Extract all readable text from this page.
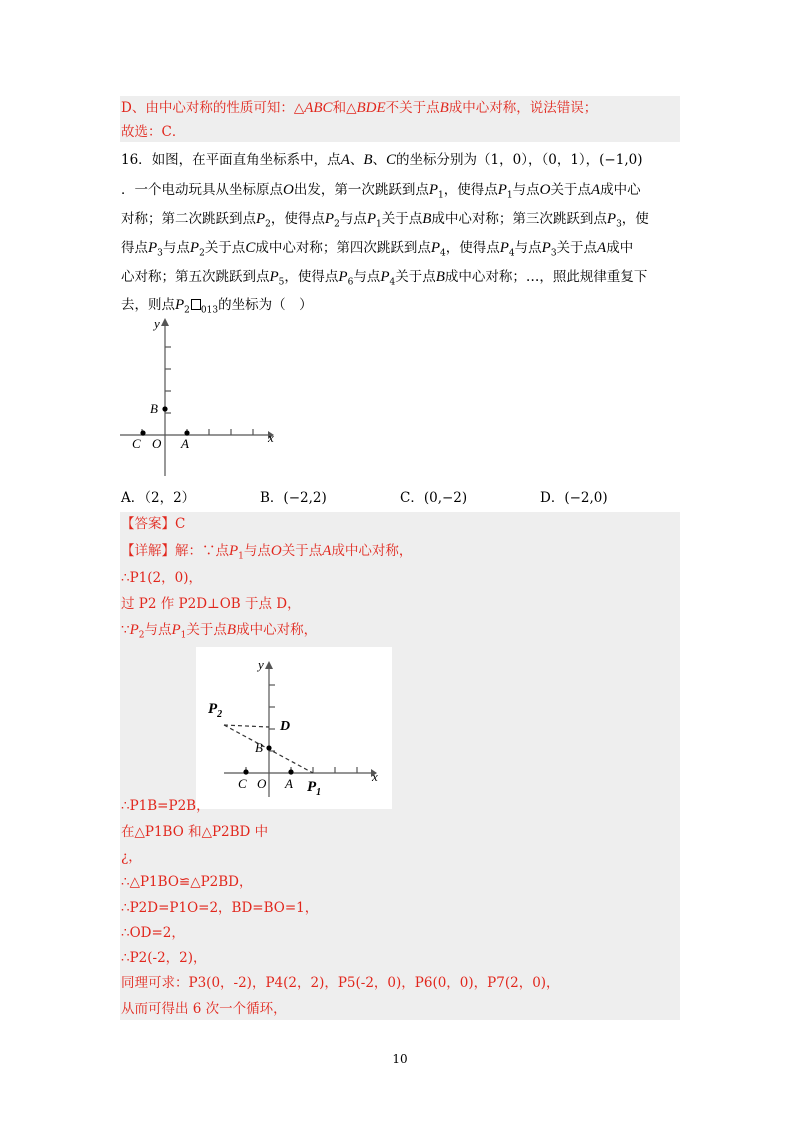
D、由中心对称的性质可知：△ABC和△BDE不关于点B成中心对称，说法错误；
故选：C．
16．如图，在平面直角坐标系中，点A、B、C的坐标分别为（1，0），（0，1），(−1,0)
．一个电动玩具从坐标原点O出发，第一次跳跃到点$P_1$，使得点$P_1$与点O关于点A成中心
对称；第二次跳跃到点$P_2$，使得点$P_2$与点$P_1$关于点B成中心对称；第三次跳跃到点$P_3$，使
得点$P_3$与点$P_2$关于点C成中心对称；第四次跳跃到点$P_4$，使得点$P_4$与点$P_3$关于点A成中
心对称；第五次跳跃到点$P_5$，使得点$P_6$与点$P_4$关于点B成中心对称；…，照此规律重复下
去，则点$P_2$ $_{013}$的坐标为（　）
y
x
B
C O A
A．（2，2）	B．(−2,2)	C．(0,−2)	D．(−2,0)
【答案】C
【详解】解：∵点$P_1$与点O关于点A成中心对称，
∴P1(2，0)，
过 P2 作 P2D⊥OB 于点 D，
$\because P_2$与点$P_1$关于点B成中心对称，
y
x
$P_2$
D
B
C O A $P_1$
∴P1B=P2B，
在△P1BO 和△P2BD 中
¿，
∴△P1BO≌△P2BD，
∴P2D=P1O=2，BD=BO=1，
∴OD=2，
∴P2(-2，2)，
同理可求：P3(0，-2)，P4(2，2)，P5(-2，0)，P6(0，0)，P7(2，0)，
从而可得出 6 次一个循环，
10
